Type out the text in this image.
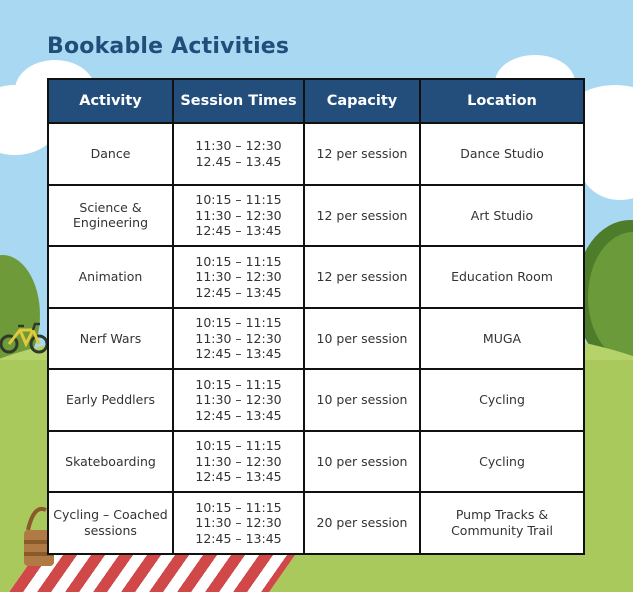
Bookable Activities
Activity	Session Times	Capacity	Location

Dance	11:30 – 12:30
12.45 – 13.45	12 per session	Dance Studio

Science &
Engineering	10:15 – 11:15
11:30 – 12:30
12:45 – 13:45	12 per session	Art Studio

Animation	10:15 – 11:15
11:30 – 12:30
12:45 – 13:45	12 per session	Education Room

Nerf Wars	10:15 – 11:15
11:30 – 12:30
12:45 – 13:45	10 per session	MUGA

Early Peddlers	10:15 – 11:15
11:30 – 12:30
12:45 – 13:45	10 per session	Cycling

Skateboarding	10:15 – 11:15
11:30 – 12:30
12:45 – 13:45	10 per session	Cycling

Cycling – Coached
sessions	10:15 – 11:15
11:30 – 12:30
12:45 – 13:45	20 per session	Pump Tracks &
Community Trail
